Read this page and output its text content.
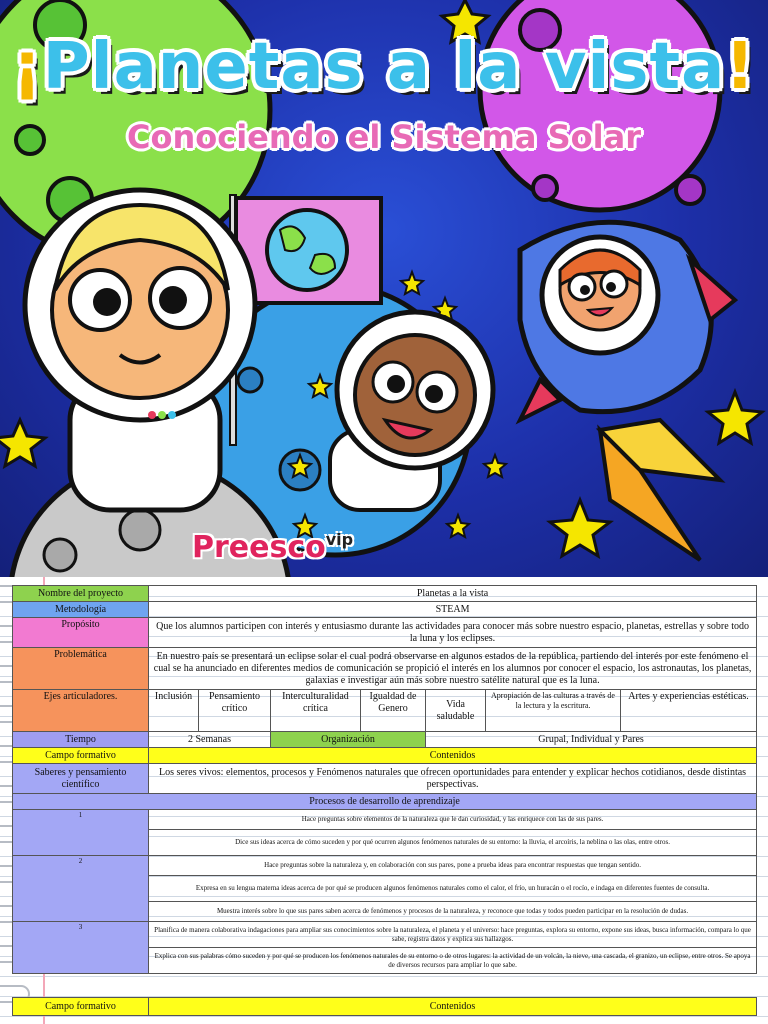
¡Planetas a la vista!
Conociendo el Sistema Solar
Preesco$^{vip}$
Nombre del proyecto	Planetas a la vista						
Metodología	STEAM						
Propósito	Que los alumnos participen con interés y entusiasmo durante las actividades para conocer más sobre nuestro espacio, planetas, estrellas y sobre todo la luna y los eclipses.						
Problemática	En nuestro país se presentará un eclipse solar el cual podrá observarse en algunos estados de la república, partiendo del interés por este fenómeno el cual se ha anunciado en diferentes medios de comunicación se propició el interés en los alumnos por conocer el espacio, los astronautas, los planetas, galaxias e investigar aún más sobre nuestro satélite natural que es la luna.						
Ejes articuladores.	Inclusión	Pensamiento crítico	Interculturalidad crítica	Igualdad de Genero	Vida saludable	Apropiación de las culturas a través de la lectura y la escritura.	Artes y experiencias estéticas.
Tiempo	2 Semanas		Organización		Grupal, Individual y Pares		
Campo formativo	Contenidos						
Saberes y pensamiento científico	Los seres vivos: elementos, procesos y Fenómenos naturales que ofrecen oportunidades para entender y explicar hechos cotidianos, desde distintas perspectivas.						
Procesos de desarrollo de aprendizaje							
1	Hace preguntas sobre elementos de la naturaleza que le dan curiosidad, y las enriquece con las de sus pares.						
	Dice sus ideas acerca de cómo suceden y por qué ocurren algunos fenómenos naturales de su entorno: la lluvia, el arcoíris, la neblina o las olas, entre otros.						
2	Hace preguntas sobre la naturaleza y, en colaboración con sus pares, pone a prueba ideas para encontrar respuestas que tengan sentido.						
	Expresa en su lengua materna ideas acerca de por qué se producen algunos fenómenos naturales como el calor, el frío, un huracán o el rocío, e indaga en diferentes fuentes de consulta.						
	Muestra interés sobre lo que sus pares saben acerca de fenómenos y procesos de la naturaleza, y reconoce que todas y todos pueden participar en la resolución de dudas.						
3	Planifica de manera colaborativa indagaciones para ampliar sus conocimientos sobre la naturaleza, el planeta y el universo: hace preguntas, explora su entorno, expone sus ideas, busca información, compara lo que sabe, registra datos y explica sus hallazgos.						
	Explica con sus palabras cómo suceden y por qué se producen los fenómenos naturales de su entorno o de otros lugares: la actividad de un volcán, la nieve, una cascada, el granizo, un eclipse, entre otros. Se apoya de diversos recursos para ampliar lo que sabe.						
Campo formativo	Contenidos
